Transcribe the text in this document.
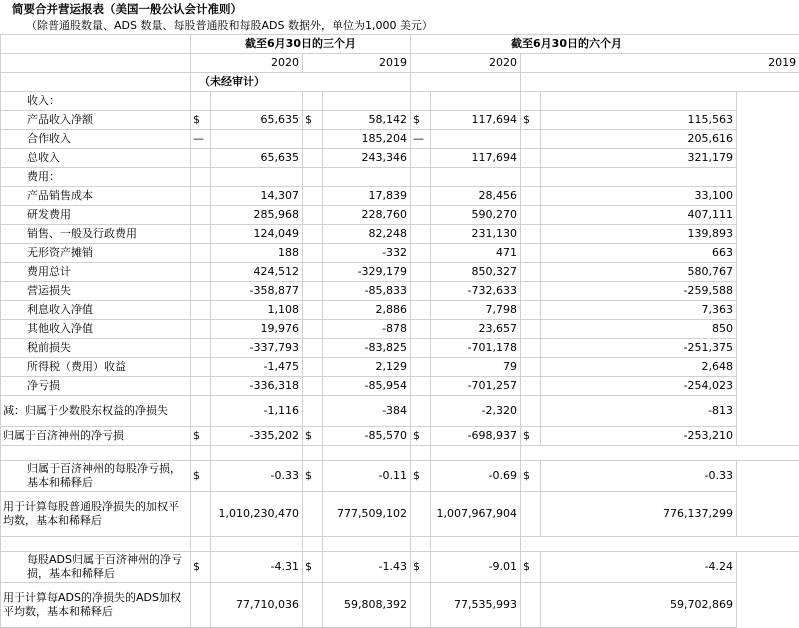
简要合并营运报表（美国一般公认会计准则）
（除普通股数量、ADS 数量、每股普通股和每股ADS 数据外，单位为1,000 美元）
	截至6月30日的三个月				截至6月30日的六个月			
	2020		2019		2020		2019	
	（未经审计）							
收入：								
产品收入净额	$	65,635	$	58,142	$	117,694	$	115,563
合作收入	—			185,204	—			205,616
总收入		65,635		243,346		117,694		321,179
费用：								
产品销售成本		14,307		17,839		28,456		33,100
研发费用		285,968		228,760		590,270		407,111
销售、一般及行政费用		124,049		82,248		231,130		139,893
无形资产摊销		188		-332		471		663
费用总计		424,512		-329,179		850,327		580,767
营运损失		-358,877		-85,833		-732,633		-259,588
利息收入净值		1,108		2,886		7,798		7,363
其他收入净值		19,976		-878		23,657		850
税前损失		-337,793		-83,825		-701,178		-251,375
所得税（费用）收益		-1,475		2,129		79		2,648
净亏损		-336,318		-85,954		-701,257		-254,023
减：归属于少数股东权益的净损失		-1,116		-384		-2,320		-813
归属于百济神州的净亏损	$	-335,202	$	-85,570	$	-698,937	$	-253,210

归属于百济神州的每股净亏损，基本和稀释后	$	-0.33	$	-0.11	$	-0.69	$	-0.33
用于计算每股普通股净损失的加权平均数，基本和稀释后		1,010,230,470		777,509,102		1,007,967,904		776,137,299

每股ADS归属于百济神州的净亏损，基本和稀释后	$	-4.31	$	-1.43	$	-9.01	$	-4.24
用于计算每ADS的净损失的ADS加权平均数，基本和稀释后		77,710,036		59,808,392		77,535,993		59,702,869
